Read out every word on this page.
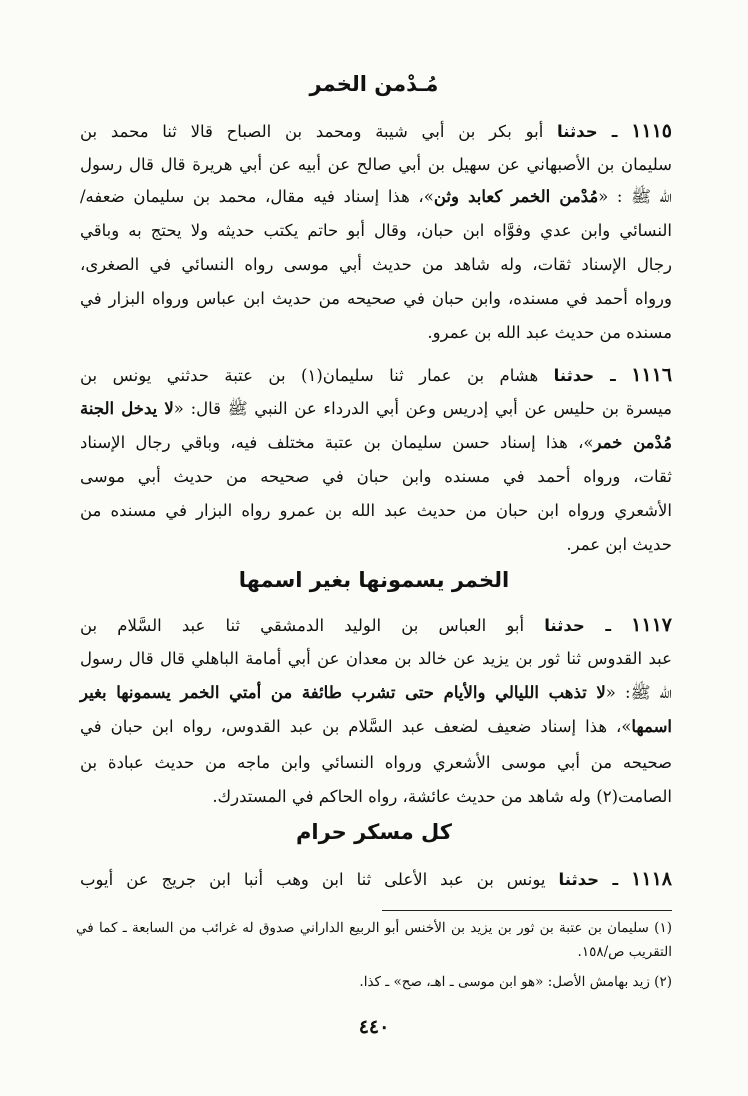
مُـدْمن الخمر
١١١٥ ـ حدثنا أبو بكر بن أبي شيبة ومحمد بن الصباح قالا ثنا محمد بن
سليمان بن الأصبهاني عن سهيل بن أبي صالح عن أبيه عن أبي هريرة قال قال رسول
الله ﷺ : «مُدْمن الخمر كعابد وثن»، هذا إسناد فيه مقال، محمد بن سليمان ضعفه/
النسائي وابن عدي وفوَّاه ابن حبان، وقال أبو حاتم يكتب حديثه ولا يحتج به وباقي
رجال الإسناد ثقات، وله شاهد من حديث أبي موسى رواه النسائي في الصغرى،
ورواه أحمد في مسنده، وابن حبان في صحيحه من حديث ابن عباس ورواه البزار في
مسنده من حديث عبد الله بن عمرو.
١١١٦ ـ حدثنا هشام بن عمار ثنا سليمان(١) بن عتبة حدثني يونس بن
ميسرة بن حليس عن أبي إدريس وعن أبي الدرداء عن النبي ﷺ قال: «لا يدخل الجنة
مُدْمن خمر»، هذا إسناد حسن سليمان بن عتبة مختلف فيه، وباقي رجال الإسناد
ثقات، ورواه أحمد في مسنده وابن حبان في صحيحه من حديث أبي موسى
الأشعري ورواه ابن حبان من حديث عبد الله بن عمرو رواه البزار في مسنده من
حديث ابن عمر.
الخمر يسمونها بغير اسمها
١١١٧ ـ حدثنا أبو العباس بن الوليد الدمشقي ثنا عبد السَّلام بن
عبد القدوس ثنا ثور بن يزيد عن خالد بن معدان عن أبي أمامة الباهلي قال قال رسول
الله ﷺ: «لا تذهب الليالي والأيام حتى تشرب طائفة من أمتي الخمر يسمونها بغير
اسمها»، هذا إسناد ضعيف لضعف عبد السَّلام بن عبد القدوس، رواه ابن حبان في
صحيحه من أبي موسى الأشعري ورواه النسائي وابن ماجه من حديث عبادة بن
الصامت(٢) وله شاهد من حديث عائشة، رواه الحاكم في المستدرك.
كل مسكر حرام
١١١٨ ـ حدثنا يونس بن عبد الأعلى ثنا ابن وهب أنبا ابن جريج عن أيوب
(١) سليمان بن عتبة بن ثور بن يزيد بن الأخنس أبو الربيع الداراني صدوق له غرائب من السابعة ـ كما في
التقريب ص/١٥٨.
(٢) زيد بهامش الأصل: «هو ابن موسى ـ اهـ، صح» ـ كذا.
٤٤٠
